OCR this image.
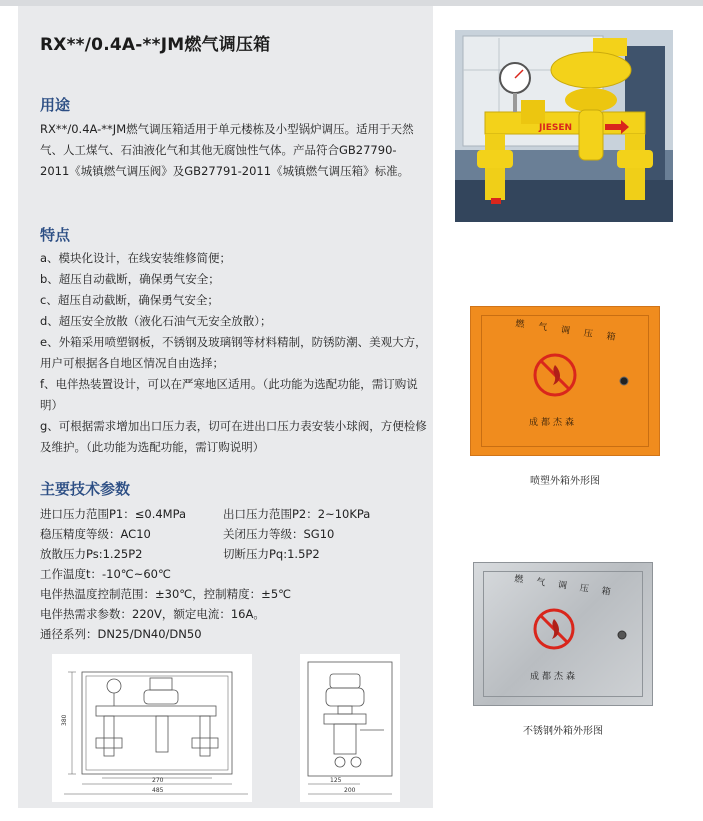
RX**/0.4A-**JM燃气调压箱
用途
RX**/0.4A-**JM燃气调压箱适用于单元楼栋及小型锅炉调压。适用于天然气、人工煤气、石油液化气和其他无腐蚀性气体。产品符合GB27790-2011《城镇燃气调压阀》及GB27791-2011《城镇燃气调压箱》标准。
特点
a、模块化设计，在线安装维修简便；
b、超压自动截断，确保勇气安全；
c、超压自动截断，确保勇气安全；
d、超压安全放散（液化石油气无安全放散）；
e、外箱采用喷塑钢板，不锈钢及玻璃钢等材料精制，防锈防潮、美观大方，用户可根据各自地区情况自由选择；
f、电伴热装置设计，可以在严寒地区适用。（此功能为选配功能，需订购说明）
g、可根据需求增加出口压力表，切可在进出口压力表安装小球阀，方便检修及维护。（此功能为选配功能，需订购说明）
主要技术参数
进口压力范围P1：≤0.4MPa	出口压力范围P2：2~10KPa
稳压精度等级：AC10	关闭压力等级：SG10
放散压力Ps:1.25P2	切断压力Pq:1.5P2
工作温度t：-10℃~60℃
电伴热温度控制范围：±30℃，控制精度：±5℃
电伴热需求参数：220V，额定电流：16A。
通径系列：DN25/DN40/DN50
380
270
485
125
200
JIESEN
燃气调压箱
成都杰森
喷塑外箱外形图
燃气调压箱
成都杰森
不锈钢外箱外形图
